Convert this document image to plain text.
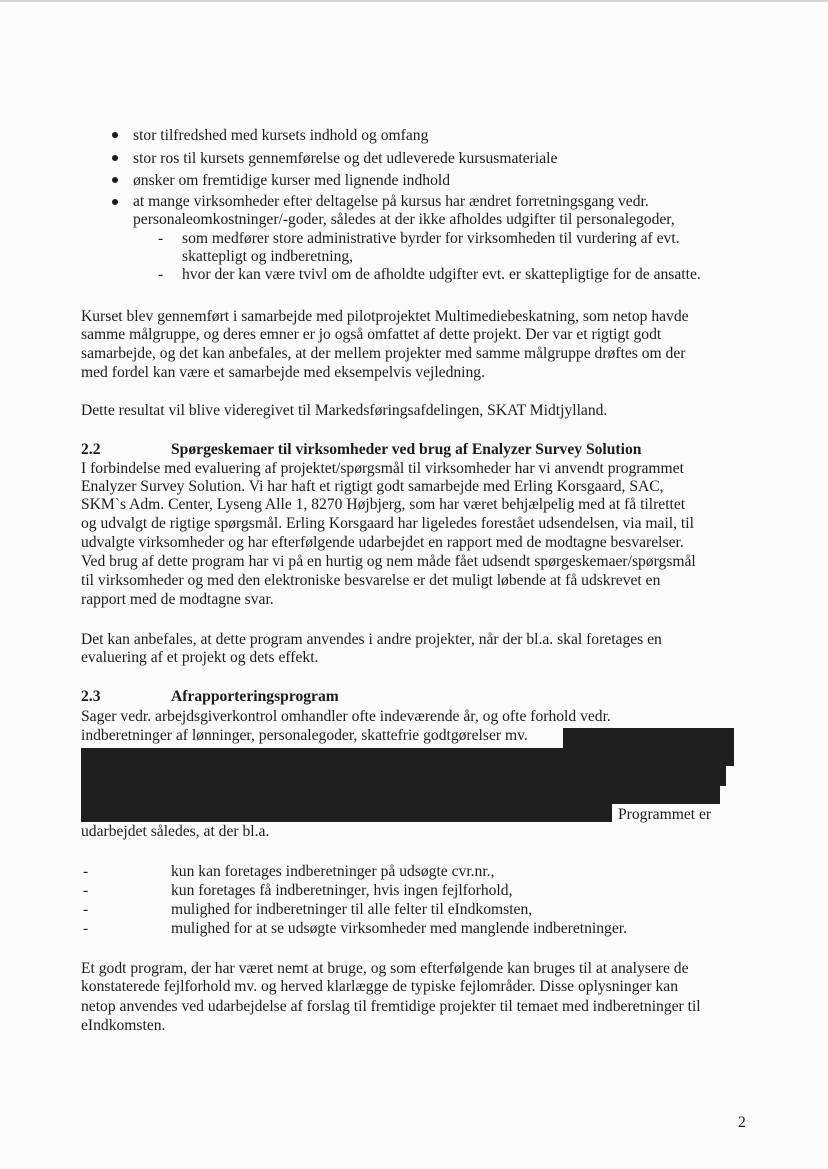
stor tilfredshed med kursets indhold og omfang
stor ros til kursets gennemførelse og det udleverede kursusmateriale
ønsker om fremtidige kurser med lignende indhold
at mange virksomheder efter deltagelse på kursus har ændret forretningsgang vedr.
personaleomkostninger/-goder, således at der ikke afholdes udgifter til personalegoder,
- som medfører store administrative byrder for virksomheden til vurdering af evt.
skattepligt og indberetning,
- hvor der kan være tvivl om de afholdte udgifter evt. er skattepligtige for de ansatte.
Kurset blev gennemført i samarbejde med pilotprojektet Multimediebeskatning, som netop havde
samme målgruppe, og deres emner er jo også omfattet af dette projekt. Der var et rigtigt godt
samarbejde, og det kan anbefales, at der mellem projekter med samme målgruppe drøftes om der
med fordel kan være et samarbejde med eksempelvis vejledning.
Dette resultat vil blive videregivet til Markedsføringsafdelingen, SKAT Midtjylland.
2.2	Spørgeskemaer til virksomheder ved brug af Enalyzer Survey Solution
I forbindelse med evaluering af projektet/spørgsmål til virksomheder har vi anvendt programmet
Enalyzer Survey Solution. Vi har haft et rigtigt godt samarbejde med Erling Korsgaard, SAC,
SKM`s Adm. Center, Lyseng Alle 1, 8270 Højbjerg, som har været behjælpelig med at få tilrettet
og udvalgt de rigtige spørgsmål. Erling Korsgaard har ligeledes forestået udsendelsen, via mail, til
udvalgte virksomheder og har efterfølgende udarbejdet en rapport med de modtagne besvarelser.
Ved brug af dette program har vi på en hurtig og nem måde fået udsendt spørgeskemaer/spørgsmål
til virksomheder og med den elektroniske besvarelse er det muligt løbende at få udskrevet en
rapport med de modtagne svar.
Det kan anbefales, at dette program anvendes i andre projekter, når der bl.a. skal foretages en
evaluering af et projekt og dets effekt.
2.3	Afrapporteringsprogram
Sager vedr. arbejdsgiverkontrol omhandler ofte indeværende år, og ofte forhold vedr.
indberetninger af lønninger, personalegoder, skattefrie godtgørelser mv.
Programmet er
udarbejdet således, at der bl.a.
-	kun kan foretages indberetninger på udsøgte cvr.nr.,
-	kun foretages få indberetninger, hvis ingen fejlforhold,
-	mulighed for indberetninger til alle felter til eIndkomsten,
-	mulighed for at se udsøgte virksomheder med manglende indberetninger.
Et godt program, der har været nemt at bruge, og som efterfølgende kan bruges til at analysere de
konstaterede fejlforhold mv. og herved klarlægge de typiske fejlområder. Disse oplysninger kan
netop anvendes ved udarbejdelse af forslag til fremtidige projekter til temaet med indberetninger til
eIndkomsten.
2
